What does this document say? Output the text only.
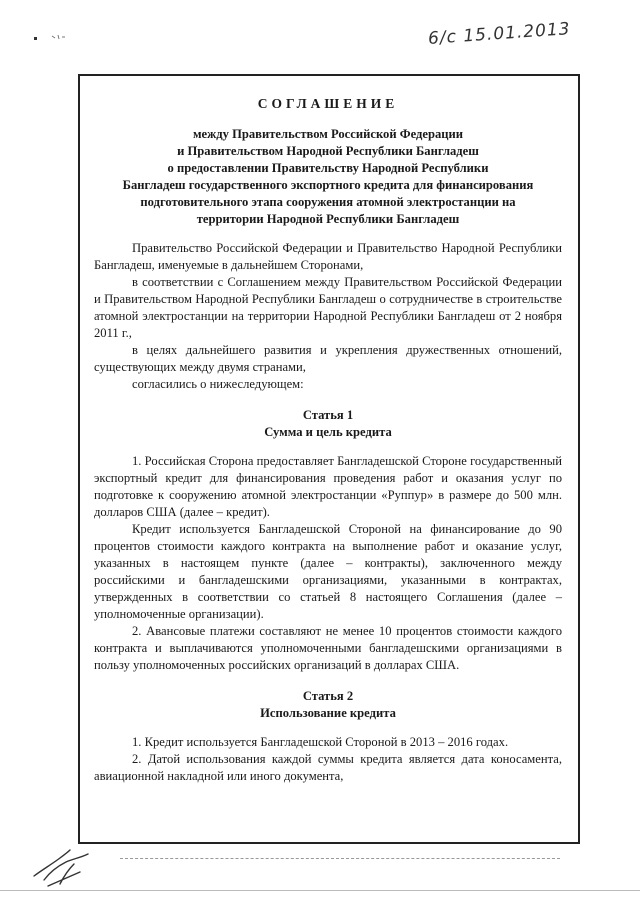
6/с 15.01.2013
СОГЛАШЕНИЕ
между Правительством Российской Федерации
и Правительством Народной Республики Бангладеш
о предоставлении Правительству Народной Республики
Бангладеш государственного экспортного кредита для финансирования
подготовительного этапа сооружения атомной электростанции на
территории Народной Республики Бангладеш

Правительство Российской Федерации и Правительство Народной Республики Бангладеш, именуемые в дальнейшем Сторонами,

в соответствии с Соглашением между Правительством Российской Федерации и Правительством Народной Республики Бангладеш о сотрудничестве в строительстве атомной электростанции на территории Народной Республики Бангладеш от 2 ноября 2011 г.,

в целях дальнейшего развития и укрепления дружественных отношений, существующих между двумя странами,

согласились о нижеследующем:

Статья 1
Сумма и цель кредита

1. Российская Сторона предоставляет Бангладешской Стороне государственный экспортный кредит для финансирования проведения работ и оказания услуг по подготовке к сооружению атомной электростанции «Руппур» в размере до 500 млн. долларов США (далее – кредит).

Кредит используется Бангладешской Стороной на финансирование до 90 процентов стоимости каждого контракта на выполнение работ и оказание услуг, указанных в настоящем пункте (далее – контракты), заключенного между российскими и бангладешскими организациями, указанными в контрактах, утвержденных в соответствии со статьей 8 настоящего Соглашения (далее – уполномоченные организации).

2. Авансовые платежи составляют не менее 10 процентов стоимости каждого контракта и выплачиваются уполномоченными бангладешскими организациями в пользу уполномоченных российских организаций в долларах США.

Статья 2
Использование кредита

1. Кредит используется Бангладешской Стороной в 2013 – 2016 годах.

2. Датой использования каждой суммы кредита является дата коносамента, авиационной накладной или иного документа,
